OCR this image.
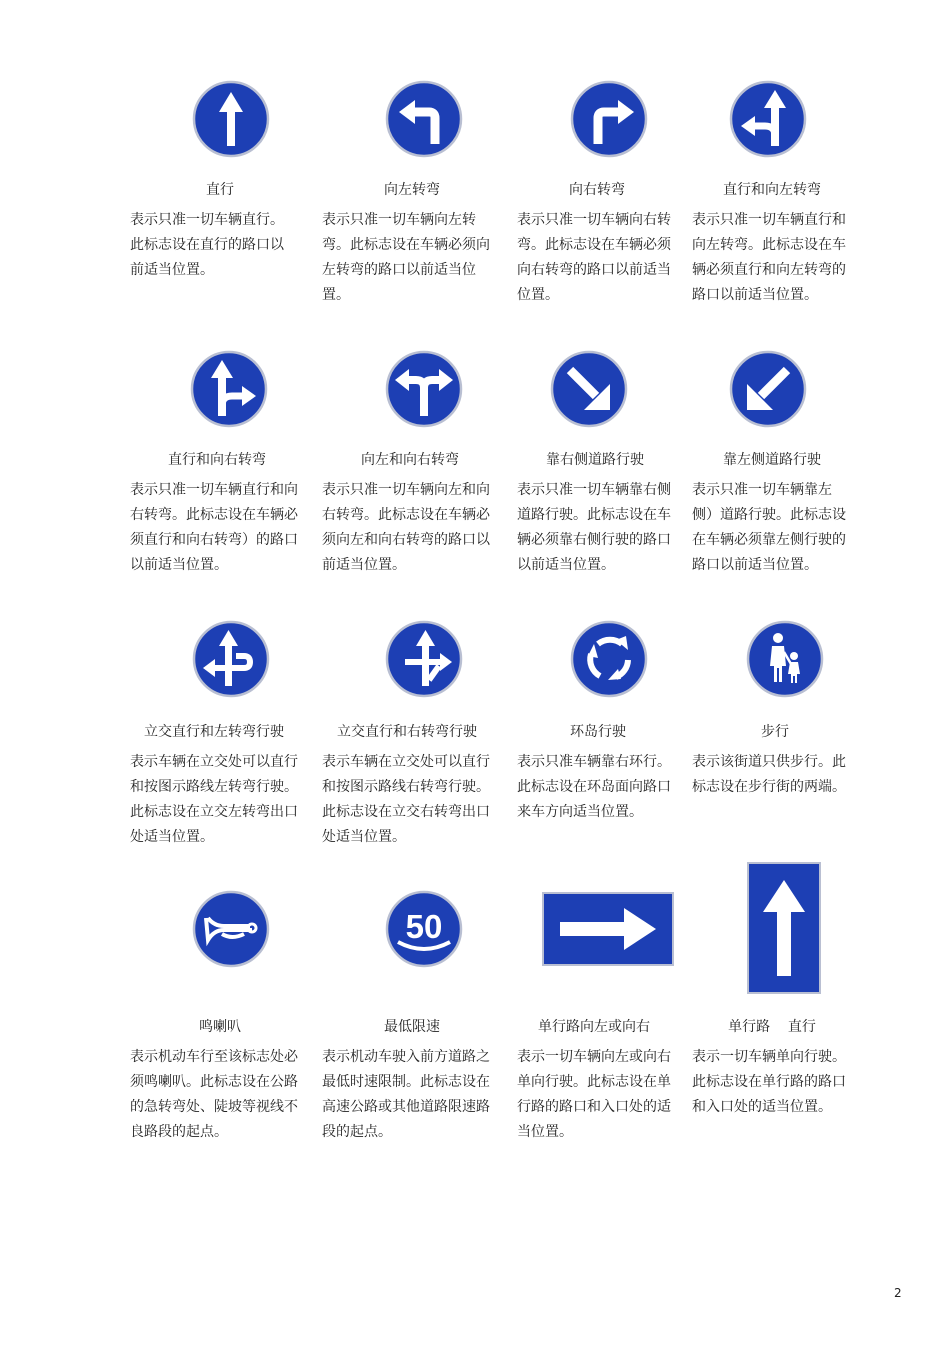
直行
表示只准一切车辆直行。此标志设在直行的路口以前适当位置。
向左转弯
表示只准一切车辆向左转弯。此标志设在车辆必须向左转弯的路口以前适当位置。
向右转弯
表示只准一切车辆向右转弯。此标志设在车辆必须向右转弯的路口以前适当位置。
直行和向左转弯
表示只准一切车辆直行和向左转弯。此标志设在车辆必须直行和向左转弯的路口以前适当位置。
直行和向右转弯
表示只准一切车辆直行和向右转弯。此标志设在车辆必须直行和向右转弯）的路口以前适当位置。
向左和向右转弯
表示只准一切车辆向左和向右转弯。此标志设在车辆必须向左和向右转弯的路口以前适当位置。
靠右侧道路行驶
表示只准一切车辆靠右侧道路行驶。此标志设在车辆必须靠右侧行驶的路口以前适当位置。
靠左侧道路行驶
表示只准一切车辆靠左侧）道路行驶。此标志设在车辆必须靠左侧行驶的路口以前适当位置。
立交直行和左转弯行驶
表示车辆在立交处可以直行和按图示路线左转弯行驶。此标志设在立交左转弯出口处适当位置。
立交直行和右转弯行驶
表示车辆在立交处可以直行和按图示路线右转弯行驶。此标志设在立交右转弯出口处适当位置。
环岛行驶
表示只准车辆靠右环行。此标志设在环岛面向路口来车方向适当位置。
步行
表示该街道只供步行。此标志设在步行街的两端。
鸣喇叭
表示机动车行至该标志处必须鸣喇叭。此标志设在公路的急转弯处、陡坡等视线不良路段的起点。
50
最低限速
表示机动车驶入前方道路之最低时速限制。此标志设在高速公路或其他道路限速路段的起点。
单行路向左或向右
表示一切车辆向左或向右单向行驶。此标志设在单行路的路口和入口处的适当位置。
单行路    直行
表示一切车辆单向行驶。此标志设在单行路的路口和入口处的适当位置。
2
